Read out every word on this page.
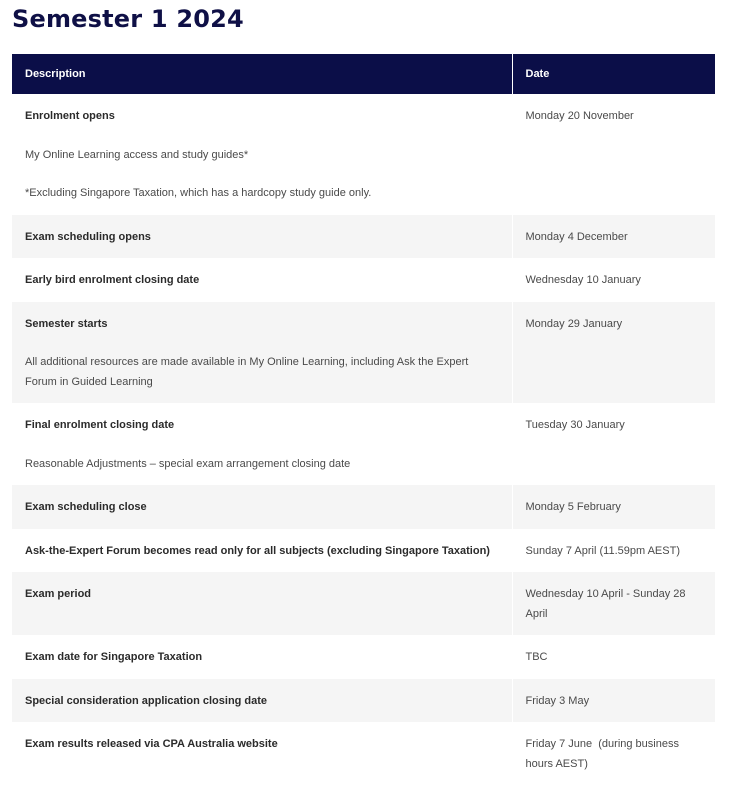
Semester 1 2024
Description	Date

Enrolment opens
My Online Learning access and study guides*
*Excluding Singapore Taxation, which has a hardcopy study guide only.	Monday 20 November

Exam scheduling opens	Monday 4 December

Early bird enrolment closing date	Wednesday 10 January

Semester starts
All additional resources are made available in My Online Learning, including Ask the Expert Forum in Guided Learning	Monday 29 January

Final enrolment closing date
Reasonable Adjustments – special exam arrangement closing date	Tuesday 30 January

Exam scheduling close	Monday 5 February

Ask-the-Expert Forum becomes read only for all subjects (excluding Singapore Taxation)	Sunday 7 April (11.59pm AEST)

Exam period	Wednesday 10 April - Sunday 28 April

Exam date for Singapore Taxation	TBC

Special consideration application closing date	Friday 3 May

Exam results released via CPA Australia website	Friday 7 June  (during business hours AEST)
